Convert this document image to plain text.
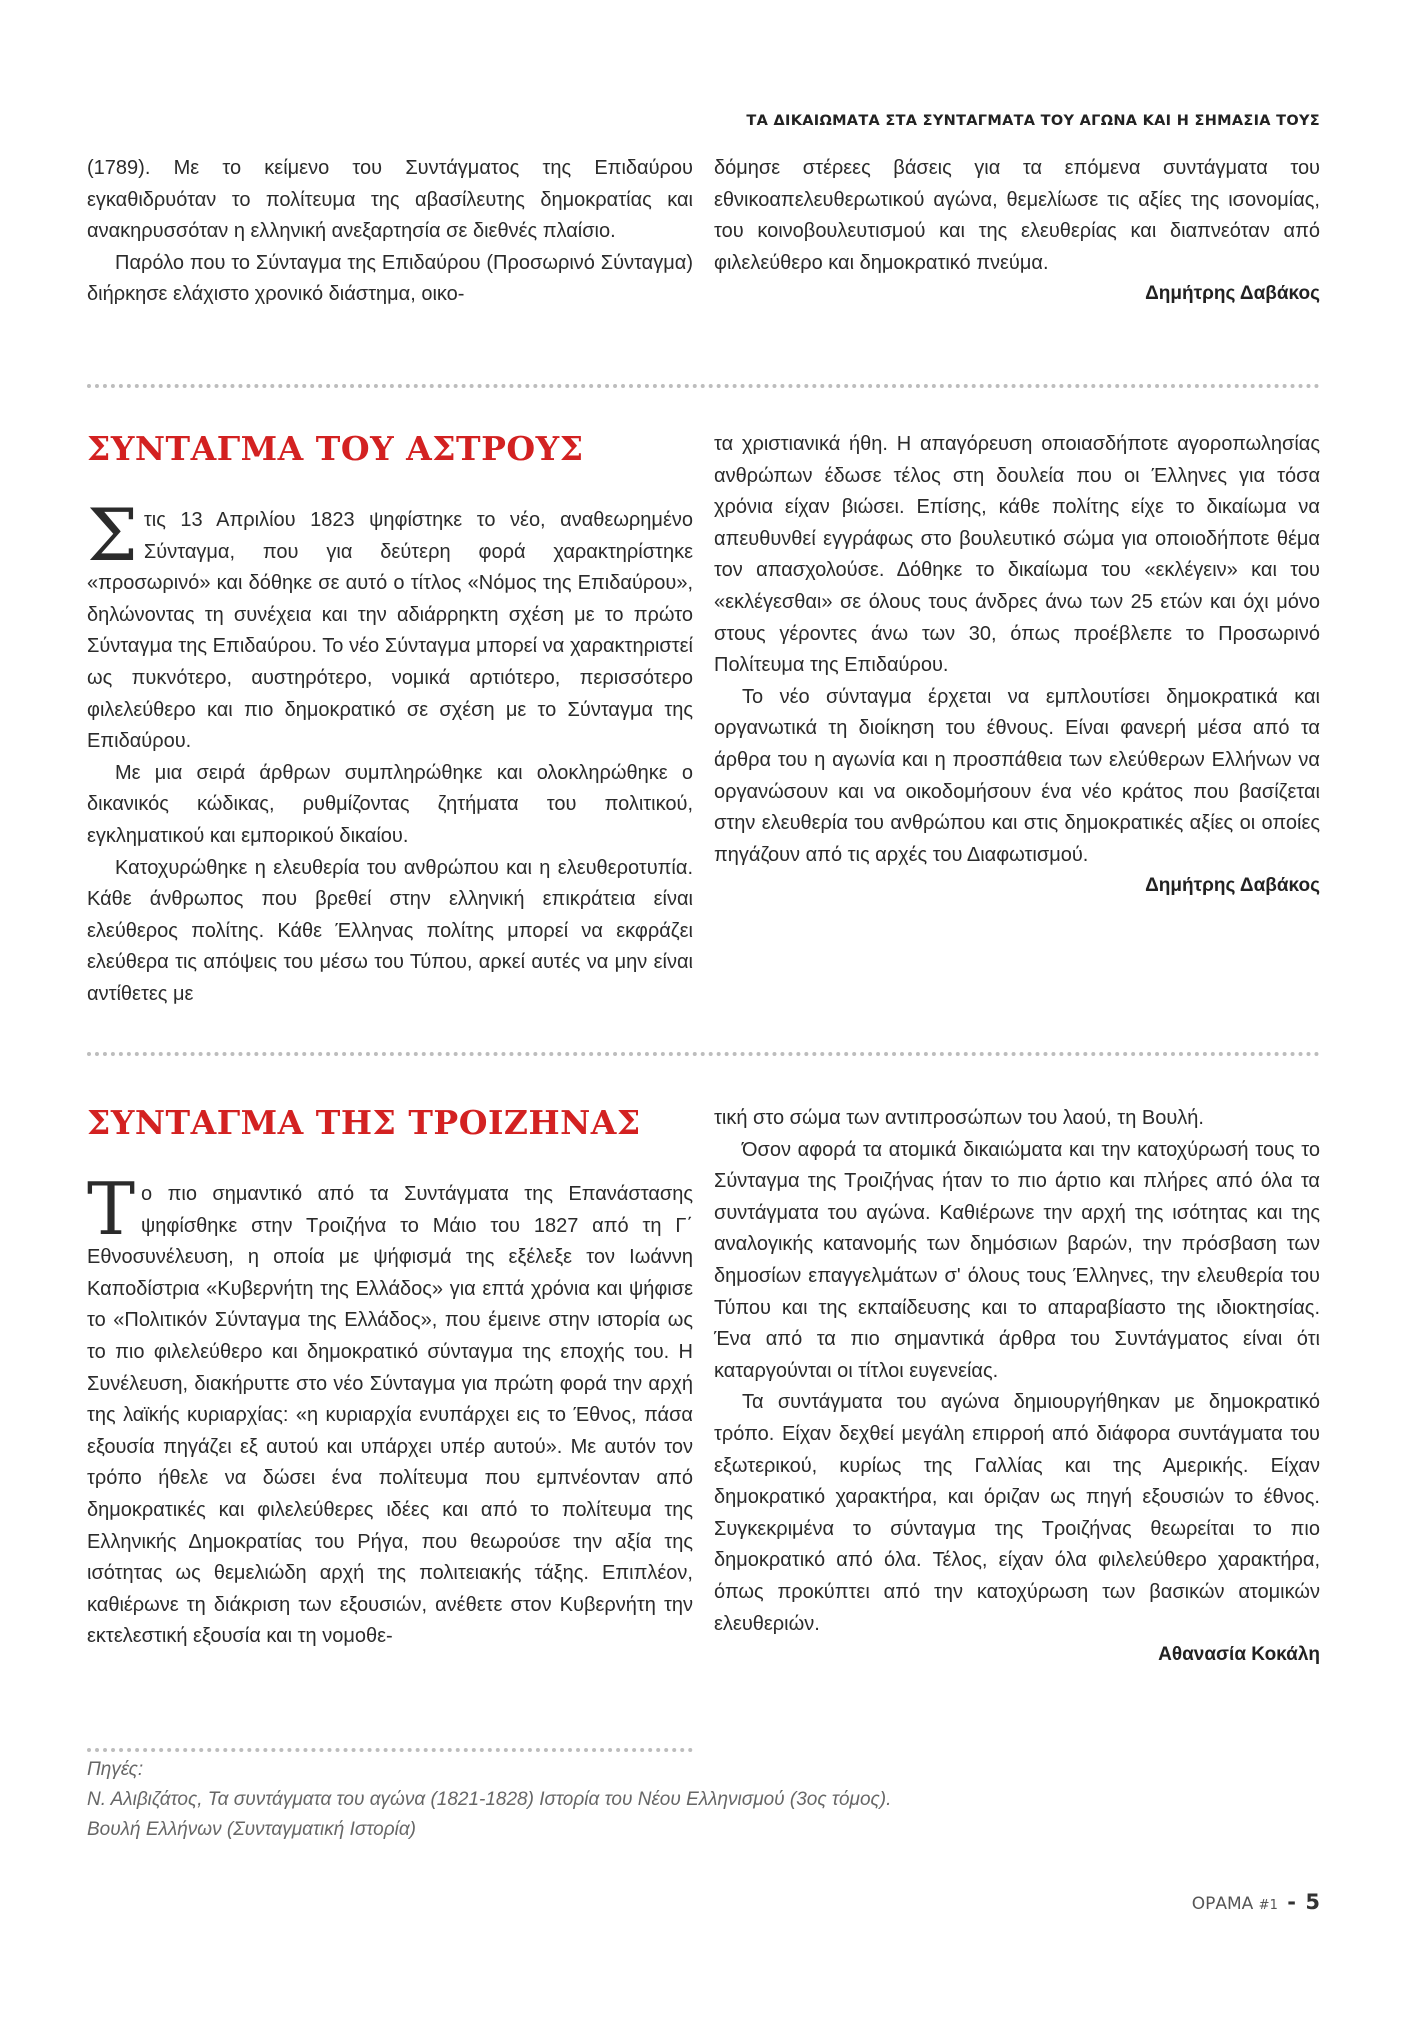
ΤΑ ΔΙΚΑΙΩΜΑΤΑ ΣΤΑ ΣΥΝΤΑΓΜΑΤΑ ΤΟΥ ΑΓΩΝΑ ΚΑΙ Η ΣΗΜΑΣΙΑ ΤΟΥΣ

(1789). Με το κείμενο του Συντάγματος της Επιδαύρου εγκαθιδρυόταν το πολίτευμα της αβασίλευτης δημοκρατίας και ανακηρυσσόταν η ελληνική ανεξαρτησία σε διεθνές πλαίσιο.

Παρόλο που το Σύνταγμα της Επιδαύρου (Προσωρινό Σύνταγμα) διήρκησε ελάχιστο χρονικό διάστημα, οικο-

δόμησε στέρεες βάσεις για τα επόμενα συντάγματα του εθνικοαπελευθερωτικού αγώνα, θεμελίωσε τις αξίες της ισονομίας, του κοινοβουλευτισμού και της ελευθερίας και διαπνεόταν από φιλελεύθερο και δημοκρατικό πνεύμα.

Δημήτρης Δαβάκος
ΣΥΝΤΑΓΜΑ ΤΟΥ ΑΣΤΡΟΥΣ

Στις 13 Απριλίου 1823 ψηφίστηκε το νέο, αναθεωρημένο Σύνταγμα, που για δεύτερη φορά χαρακτηρίστηκε «προσωρινό» και δόθηκε σε αυτό ο τίτλος «Νόμος της Επιδαύρου», δηλώνοντας τη συνέχεια και την αδιάρρηκτη σχέση με το πρώτο Σύνταγμα της Επιδαύρου. Το νέο Σύνταγμα μπορεί να χαρακτηριστεί ως πυκνότερο, αυστηρότερο, νομικά αρτιότερο, περισσότερο φιλελεύθερο και πιο δημοκρατικό σε σχέση με το Σύνταγμα της Επιδαύρου.

Με μια σειρά άρθρων συμπληρώθηκε και ολοκληρώθηκε ο δικανικός κώδικας, ρυθμίζοντας ζητήματα του πολιτικού, εγκληματικού και εμπορικού δικαίου.

Κατοχυρώθηκε η ελευθερία του ανθρώπου και η ελευθεροτυπία. Κάθε άνθρωπος που βρεθεί στην ελληνική επικράτεια είναι ελεύθερος πολίτης. Κάθε Έλληνας πολίτης μπορεί να εκφράζει ελεύθερα τις απόψεις του μέσω του Τύπου, αρκεί αυτές να μην είναι αντίθετες με

τα χριστιανικά ήθη. Η απαγόρευση οποιασδήποτε αγοροπωλησίας ανθρώπων έδωσε τέλος στη δουλεία που οι Έλληνες για τόσα χρόνια είχαν βιώσει. Επίσης, κάθε πολίτης είχε το δικαίωμα να απευθυνθεί εγγράφως στο βουλευτικό σώμα για οποιοδήποτε θέμα τον απασχολούσε. Δόθηκε το δικαίωμα του «εκλέγειν» και του «εκλέγεσθαι» σε όλους τους άνδρες άνω των 25 ετών και όχι μόνο στους γέροντες άνω των 30, όπως προέβλεπε το Προσωρινό Πολίτευμα της Επιδαύρου.

Το νέο σύνταγμα έρχεται να εμπλουτίσει δημοκρατικά και οργανωτικά τη διοίκηση του έθνους. Είναι φανερή μέσα από τα άρθρα του η αγωνία και η προσπάθεια των ελεύθερων Ελλήνων να οργανώσουν και να οικοδομήσουν ένα νέο κράτος που βασίζεται στην ελευθερία του ανθρώπου και στις δημοκρατικές αξίες οι οποίες πηγάζουν από τις αρχές του Διαφωτισμού.

Δημήτρης Δαβάκος
ΣΥΝΤΑΓΜΑ ΤΗΣ ΤΡΟΙΖΗΝΑΣ

Το πιο σημαντικό από τα Συντάγματα της Επανάστασης ψηφίσθηκε στην Τροιζήνα το Μάιο του 1827 από τη Γ΄ Εθνοσυνέλευση, η οποία με ψήφισμά της εξέλεξε τον Ιωάννη Καποδίστρια «Κυβερνήτη της Ελλάδος» για επτά χρόνια και ψήφισε το «Πολιτικόν Σύνταγμα της Ελλάδος», που έμεινε στην ιστορία ως το πιο φιλελεύθερο και δημοκρατικό σύνταγμα της εποχής του. Η Συνέλευση, διακήρυττε στο νέο Σύνταγμα για πρώτη φορά την αρχή της λαϊκής κυριαρχίας: «η κυριαρχία ενυπάρχει εις το Έθνος, πάσα εξουσία πηγάζει εξ αυτού και υπάρχει υπέρ αυτού». Με αυτόν τον τρόπο ήθελε να δώσει ένα πολίτευμα που εμπνέονταν από δημοκρατικές και φιλελεύθερες ιδέες και από το πολίτευμα της Ελληνικής Δημοκρατίας του Ρήγα, που θεωρούσε την αξία της ισότητας ως θεμελιώδη αρχή της πολιτειακής τάξης. Επιπλέον, καθιέρωνε τη διάκριση των εξουσιών, ανέθετε στον Κυβερνήτη την εκτελεστική εξουσία και τη νομοθε-

τική στο σώμα των αντιπροσώπων του λαού, τη Βουλή.

Όσον αφορά τα ατομικά δικαιώματα και την κατοχύρωσή τους το Σύνταγμα της Τροιζήνας ήταν το πιο άρτιο και πλήρες από όλα τα συντάγματα του αγώνα. Καθιέρωνε την αρχή της ισότητας και της αναλογικής κατανομής των δημόσιων βαρών, την πρόσβαση των δημοσίων επαγγελμάτων σ' όλους τους Έλληνες, την ελευθερία του Τύπου και της εκπαίδευσης και το απαραβίαστο της ιδιοκτησίας. Ένα από τα πιο σημαντικά άρθρα του Συντάγματος είναι ότι καταργούνται οι τίτλοι ευγενείας.

Τα συντάγματα του αγώνα δημιουργήθηκαν με δημοκρατικό τρόπο. Είχαν δεχθεί μεγάλη επιρροή από διάφορα συντάγματα του εξωτερικού, κυρίως της Γαλλίας και της Αμερικής. Είχαν δημοκρατικό χαρακτήρα, και όριζαν ως πηγή εξουσιών το έθνος. Συγκεκριμένα το σύνταγμα της Τροιζήνας θεωρείται το πιο δημοκρατικό από όλα. Τέλος, είχαν όλα φιλελεύθερο χαρακτήρα, όπως προκύπτει από την κατοχύρωση των βασικών ατομικών ελευθεριών.

Αθανασία Κοκάλη
Πηγές:
Ν. Αλιβιζάτος, Τα συντάγματα του αγώνα (1821-1828) Ιστορία του Νέου Ελληνισμού (3ος τόμος).
Βουλή Ελλήνων (Συνταγματική Ιστορία)
ΟΡΑΜΑ #1 - 5
